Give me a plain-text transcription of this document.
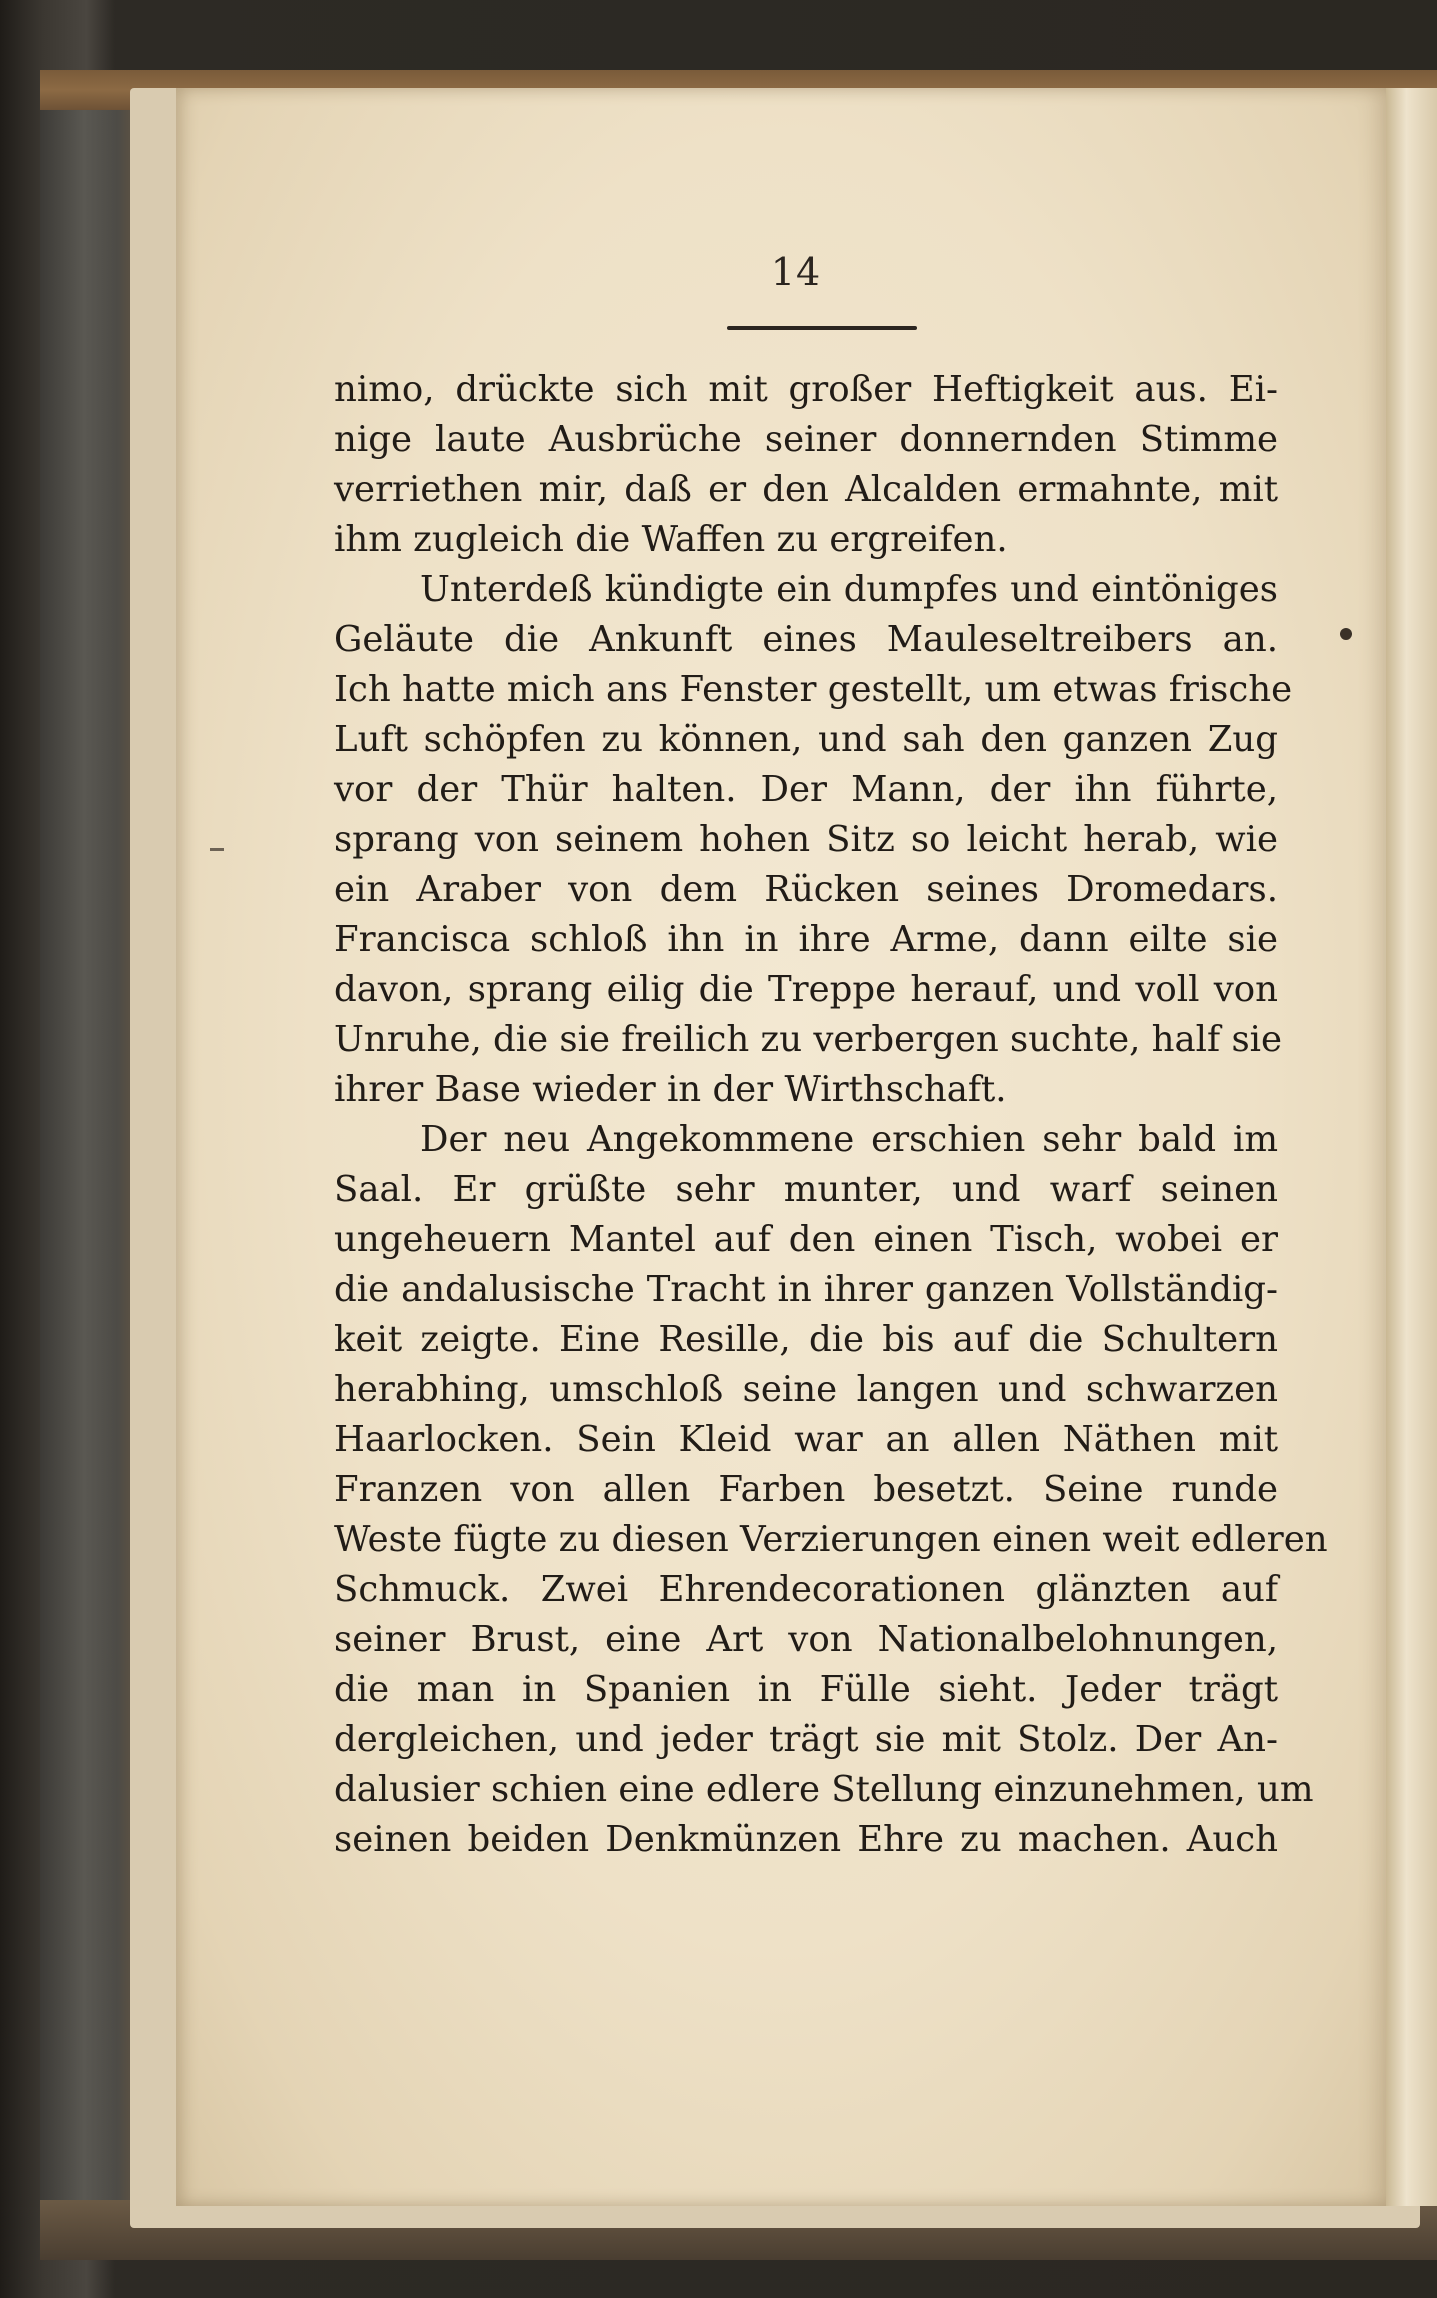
14
nimo, drückte sich mit großer Heftigkeit aus. Ei-
nige laute Ausbrüche seiner donnernden Stimme
verriethen mir, daß er den Alcalden ermahnte, mit
ihm zugleich die Waffen zu ergreifen.
Unterdeß kündigte ein dumpfes und eintöniges
Geläute die Ankunft eines Mauleseltreibers an.
Ich hatte mich ans Fenster gestellt, um etwas frische
Luft schöpfen zu können, und sah den ganzen Zug
vor der Thür halten. Der Mann, der ihn führte,
sprang von seinem hohen Sitz so leicht herab, wie
ein Araber von dem Rücken seines Dromedars.
Francisca schloß ihn in ihre Arme, dann eilte sie
davon, sprang eilig die Treppe herauf, und voll von
Unruhe, die sie freilich zu verbergen suchte, half sie
ihrer Base wieder in der Wirthschaft.
Der neu Angekommene erschien sehr bald im
Saal. Er grüßte sehr munter, und warf seinen
ungeheuern Mantel auf den einen Tisch, wobei er
die andalusische Tracht in ihrer ganzen Vollständig-
keit zeigte. Eine Resille, die bis auf die Schultern
herabhing, umschloß seine langen und schwarzen
Haarlocken. Sein Kleid war an allen Näthen mit
Franzen von allen Farben besetzt. Seine runde
Weste fügte zu diesen Verzierungen einen weit edleren
Schmuck. Zwei Ehrendecorationen glänzten auf
seiner Brust, eine Art von Nationalbelohnungen,
die man in Spanien in Fülle sieht. Jeder trägt
dergleichen, und jeder trägt sie mit Stolz. Der An-
dalusier schien eine edlere Stellung einzunehmen, um
seinen beiden Denkmünzen Ehre zu machen. Auch
